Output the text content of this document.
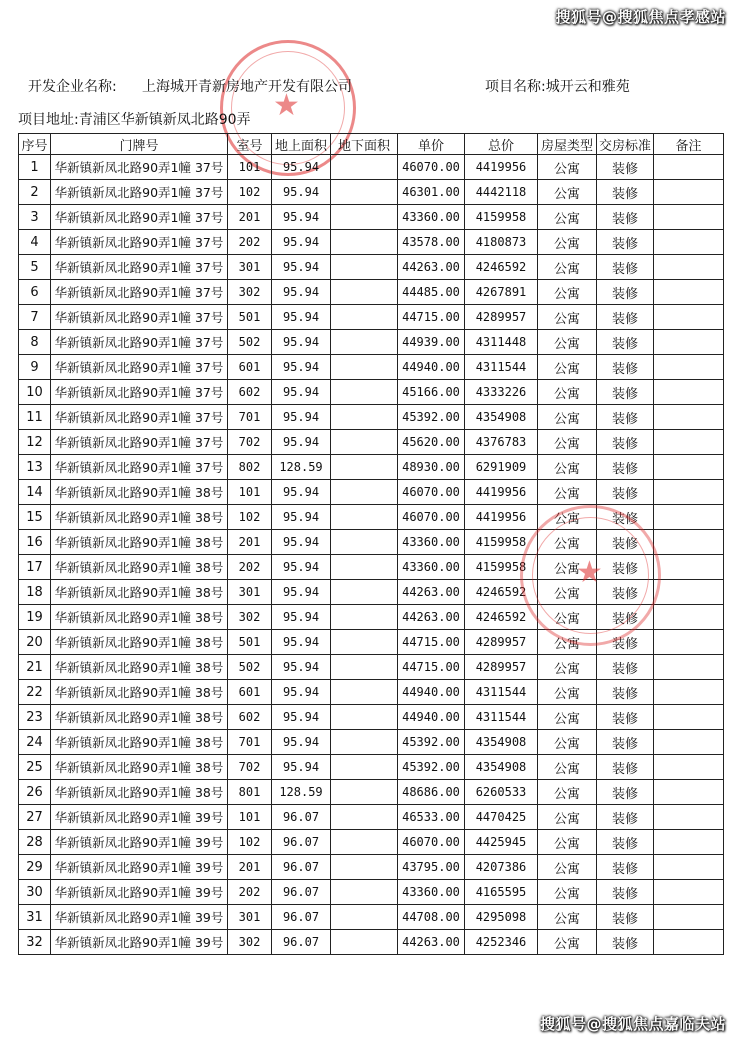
搜狐号@搜狐焦点孝感站
★
开发企业名称: 上海城开青新房地产开发有限公司	项目名称:城开云和雅苑
项目地址:青浦区华新镇新凤北路90弄
序号	门牌号	室号	地上面积	地下面积	单价	总价	房屋类型	交房标准	备注
1	华新镇新凤北路90弄1幢 37号	101	95.94		46070.00	4419956	公寓	装修	
2	华新镇新凤北路90弄1幢 37号	102	95.94		46301.00	4442118	公寓	装修	
3	华新镇新凤北路90弄1幢 37号	201	95.94		43360.00	4159958	公寓	装修	
4	华新镇新凤北路90弄1幢 37号	202	95.94		43578.00	4180873	公寓	装修	
5	华新镇新凤北路90弄1幢 37号	301	95.94		44263.00	4246592	公寓	装修	
6	华新镇新凤北路90弄1幢 37号	302	95.94		44485.00	4267891	公寓	装修	
7	华新镇新凤北路90弄1幢 37号	501	95.94		44715.00	4289957	公寓	装修	
8	华新镇新凤北路90弄1幢 37号	502	95.94		44939.00	4311448	公寓	装修	
9	华新镇新凤北路90弄1幢 37号	601	95.94		44940.00	4311544	公寓	装修	
10	华新镇新凤北路90弄1幢 37号	602	95.94		45166.00	4333226	公寓	装修	
11	华新镇新凤北路90弄1幢 37号	701	95.94		45392.00	4354908	公寓	装修	
12	华新镇新凤北路90弄1幢 37号	702	95.94		45620.00	4376783	公寓	装修	
13	华新镇新凤北路90弄1幢 37号	802	128.59		48930.00	6291909	公寓	装修	
14	华新镇新凤北路90弄1幢 38号	101	95.94		46070.00	4419956	公寓	装修	
15	华新镇新凤北路90弄1幢 38号	102	95.94		46070.00	4419956	公寓	装修	
16	华新镇新凤北路90弄1幢 38号	201	95.94		43360.00	4159958	公寓	装修	
17	华新镇新凤北路90弄1幢 38号	202	95.94		43360.00	4159958	公寓	装修	
18	华新镇新凤北路90弄1幢 38号	301	95.94		44263.00	4246592	公寓	装修	
19	华新镇新凤北路90弄1幢 38号	302	95.94		44263.00	4246592	公寓	装修	
20	华新镇新凤北路90弄1幢 38号	501	95.94		44715.00	4289957	公寓	装修	
21	华新镇新凤北路90弄1幢 38号	502	95.94		44715.00	4289957	公寓	装修	
22	华新镇新凤北路90弄1幢 38号	601	95.94		44940.00	4311544	公寓	装修	
23	华新镇新凤北路90弄1幢 38号	602	95.94		44940.00	4311544	公寓	装修	
24	华新镇新凤北路90弄1幢 38号	701	95.94		45392.00	4354908	公寓	装修	
25	华新镇新凤北路90弄1幢 38号	702	95.94		45392.00	4354908	公寓	装修	
26	华新镇新凤北路90弄1幢 38号	801	128.59		48686.00	6260533	公寓	装修	
27	华新镇新凤北路90弄1幢 39号	101	96.07		46533.00	4470425	公寓	装修	
28	华新镇新凤北路90弄1幢 39号	102	96.07		46070.00	4425945	公寓	装修	
29	华新镇新凤北路90弄1幢 39号	201	96.07		43795.00	4207386	公寓	装修	
30	华新镇新凤北路90弄1幢 39号	202	96.07		43360.00	4165595	公寓	装修	
31	华新镇新凤北路90弄1幢 39号	301	96.07		44708.00	4295098	公寓	装修	
32	华新镇新凤北路90弄1幢 39号	302	96.07		44263.00	4252346	公寓	装修	
★
搜狐号@搜狐焦点嘉临夫站
